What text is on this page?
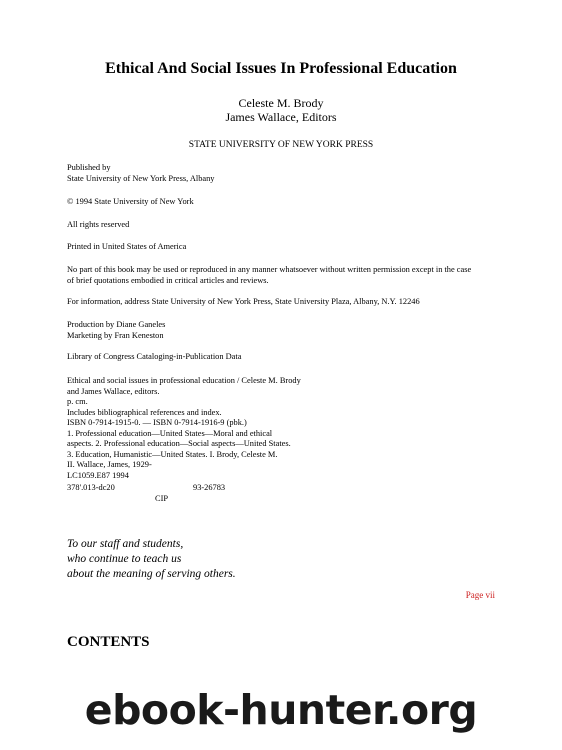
Ethical And Social Issues In Professional Education
Celeste M. Brody
James Wallace, Editors
STATE UNIVERSITY OF NEW YORK PRESS
Published by
State University of New York Press, Albany
© 1994 State University of New York
All rights reserved
Printed in United States of America
No part of this book may be used or reproduced in any manner whatsoever without written permission except in the case
of brief quotations embodied in critical articles and reviews.
For information, address State University of New York Press, State University Plaza, Albany, N.Y. 12246
Production by Diane Ganeles
Marketing by Fran Keneston
Library of Congress Cataloging-in-Publication Data
Ethical and social issues in professional education / Celeste M. Brody
and James Wallace, editors.
p. cm.
Includes bibliographical references and index.
ISBN 0-7914-1915-0. — ISBN 0-7914-1916-9 (pbk.)
1. Professional education—United States—Moral and ethical
aspects. 2. Professional education—Social aspects—United States.
3. Education, Humanistic—United States. I. Brody, Celeste M.
II. Wallace, James, 1929-
LC1059.E87 1994
378'.013-dc20	93-26783
CIP
To our staff and students,
who continue to teach us
about the meaning of serving others.
Page vii
CONTENTS
ebook-hunter.org
